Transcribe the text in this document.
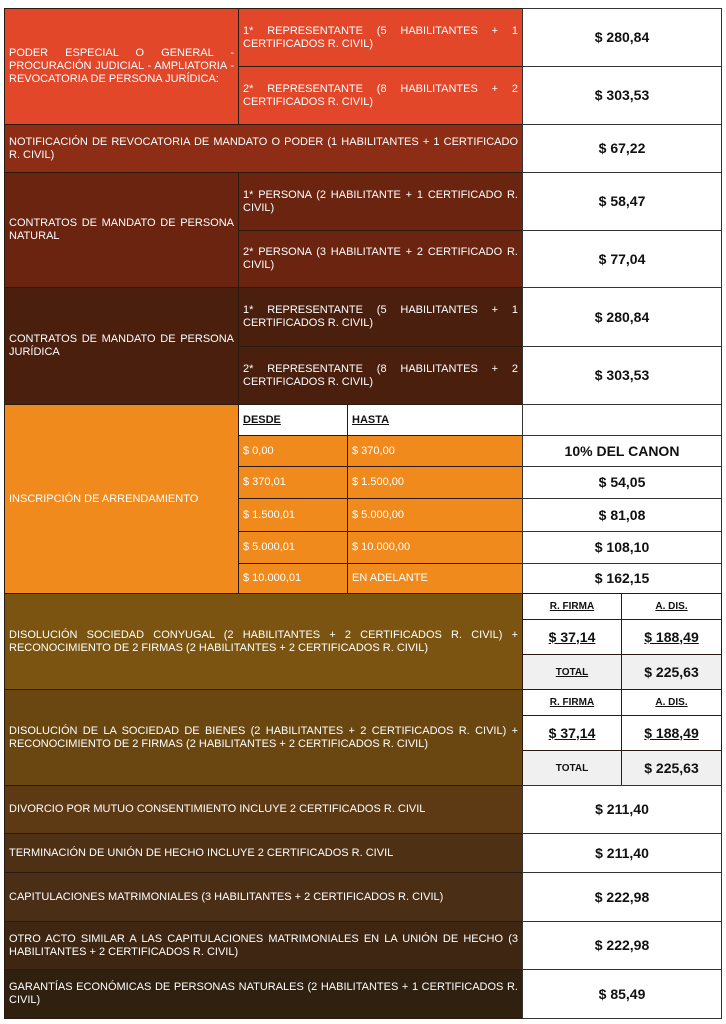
PODER ESPECIAL O GENERAL - PROCURACIÓN JUDICIAL - AMPLIATORIA - REVOCATORIA DE PERSONA JURÍDICA:
1* REPRESENTANTE (5 HABILITANTES + 1 CERTIFICADOS R. CIVIL)	$ 280,84
2* REPRESENTANTE (8 HABILITANTES + 2 CERTIFICADOS R. CIVIL)	$ 303,53
NOTIFICACIÓN DE REVOCATORIA DE MANDATO O PODER (1 HABILITANTES + 1 CERTIFICADO R. CIVIL)	$ 67,22
CONTRATOS DE MANDATO DE PERSONA NATURAL
1* PERSONA (2 HABILITANTE + 1 CERTIFICADO R. CIVIL)	$ 58,47
2* PERSONA (3 HABILITANTE + 2 CERTIFICADO R. CIVIL)	$ 77,04
CONTRATOS DE MANDATO DE PERSONA JURÍDICA
1* REPRESENTANTE (5 HABILITANTES + 1 CERTIFICADOS R. CIVIL)	$ 280,84
2* REPRESENTANTE (8 HABILITANTES + 2 CERTIFICADOS R. CIVIL)	$ 303,53
INSCRIPCIÓN DE ARRENDAMIENTO
DESDE	HASTA
$ 0,00	$ 370,00	10% DEL CANON
$ 370,01	$ 1.500,00	$ 54,05
$ 1.500,01	$ 5.000,00	$ 81,08
$ 5.000,01	$ 10.000,00	$ 108,10
$ 10.000,01	EN ADELANTE	$ 162,15
DISOLUCIÓN SOCIEDAD CONYUGAL (2 HABILITANTES + 2 CERTIFICADOS R. CIVIL) + RECONOCIMIENTO DE 2 FIRMAS (2 HABILITANTES + 2 CERTIFICADOS R. CIVIL)
R. FIRMA	A. DIS.
$ 37,14	$ 188,49
TOTAL	$ 225,63
DISOLUCIÓN DE LA SOCIEDAD DE BIENES (2 HABILITANTES + 2 CERTIFICADOS R. CIVIL) + RECONOCIMIENTO DE 2 FIRMAS (2 HABILITANTES + 2 CERTIFICADOS R. CIVIL)
R. FIRMA	A. DIS.
$ 37,14	$ 188,49
TOTAL	$ 225,63
DIVORCIO POR MUTUO CONSENTIMIENTO INCLUYE 2 CERTIFICADOS R. CIVIL	$ 211,40
TERMINACIÓN DE UNIÓN DE HECHO INCLUYE 2 CERTIFICADOS R. CIVIL	$ 211,40
CAPITULACIONES MATRIMONIALES (3 HABILITANTES + 2 CERTIFICADOS R. CIVIL)	$ 222,98
OTRO ACTO SIMILAR A LAS CAPITULACIONES MATRIMONIALES EN LA UNIÓN DE HECHO (3 HABILITANTES + 2 CERTIFICADOS R. CIVIL)	$ 222,98
GARANTÍAS ECONÓMICAS DE PERSONAS NATURALES (2 HABILITANTES + 1 CERTIFICADOS R. CIVIL)	$ 85,49
